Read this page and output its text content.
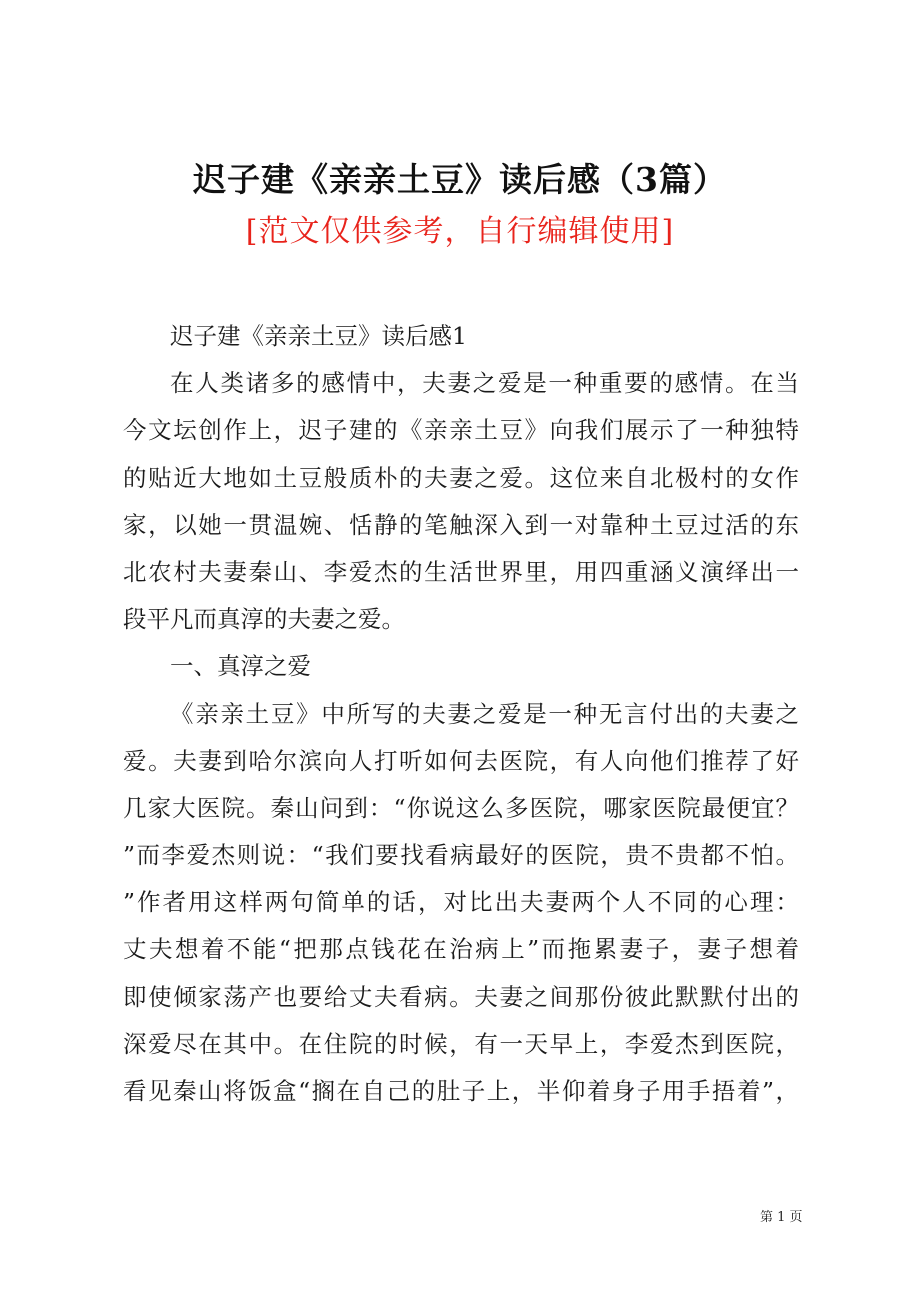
迟子建《亲亲土豆》读后感（3篇）
[范文仅供参考，自行编辑使用]
迟子建《亲亲土豆》读后感1
在人类诸多的感情中，夫妻之爱是一种重要的感情。在当
今文坛创作上，迟子建的《亲亲土豆》向我们展示了一种独特
的贴近大地如土豆般质朴的夫妻之爱。这位来自北极村的女作
家，以她一贯温婉、恬静的笔触深入到一对靠种土豆过活的东
北农村夫妻秦山、李爱杰的生活世界里，用四重涵义演绎出一
段平凡而真淳的夫妻之爱。
一、真淳之爱
《亲亲土豆》中所写的夫妻之爱是一种无言付出的夫妻之
爱。夫妻到哈尔滨向人打听如何去医院，有人向他们推荐了好
几家大医院。秦山问到：“你说这么多医院，哪家医院最便宜？
”而李爱杰则说：“我们要找看病最好的医院，贵不贵都不怕。
”作者用这样两句简单的话，对比出夫妻两个人不同的心理：
丈夫想着不能“把那点钱花在治病上”而拖累妻子，妻子想着
即使倾家荡产也要给丈夫看病。夫妻之间那份彼此默默付出的
深爱尽在其中。在住院的时候，有一天早上，李爱杰到医院，
看见秦山将饭盒“搁在自己的肚子上，半仰着身子用手捂着”，
第 1 页
